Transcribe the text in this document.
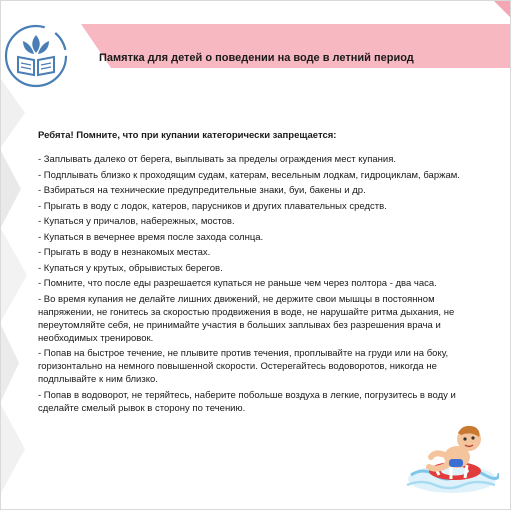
Памятка для детей о поведении на воде в летний период

Ребята! Помните, что при купании категорически запрещается:

- Заплывать далеко от берега, выплывать за пределы ограждения мест купания.

- Подплывать близко к проходящим судам, катерам, весельным лодкам, гидроциклам, баржам.

- Взбираться на технические предупредительные знаки, буи, бакены и др.

- Прыгать в воду с лодок, катеров, парусников и других плавательных средств.

- Купаться у причалов, набережных, мостов.

- Купаться в вечернее время после захода солнца.

- Прыгать в воду в незнакомых местах.

- Купаться у крутых, обрывистых берегов.

- Помните, что после еды разрешается купаться не раньше чем через полтора - два часа.

- Во время купания не делайте лишних движений, не держите свои мышцы в постоянном напряжении, не гонитесь за скоростью продвижения в воде, не нарушайте ритма дыхания, не переутомляйте себя, не принимайте участия в больших заплывах без разрешения врача и необходимых тренировок.

- Попав на быстрое течение, не плывите против течения, проплывайте на груди или на боку, горизонтально на немного повышенной скорости. Остерегайтесь водоворотов, никогда не подплывайте к ним близко.

- Попав в водоворот, не теряйтесь, наберите побольше воздуха в легкие, погрузитесь в воду и сделайте смелый рывок в сторону по течению.
